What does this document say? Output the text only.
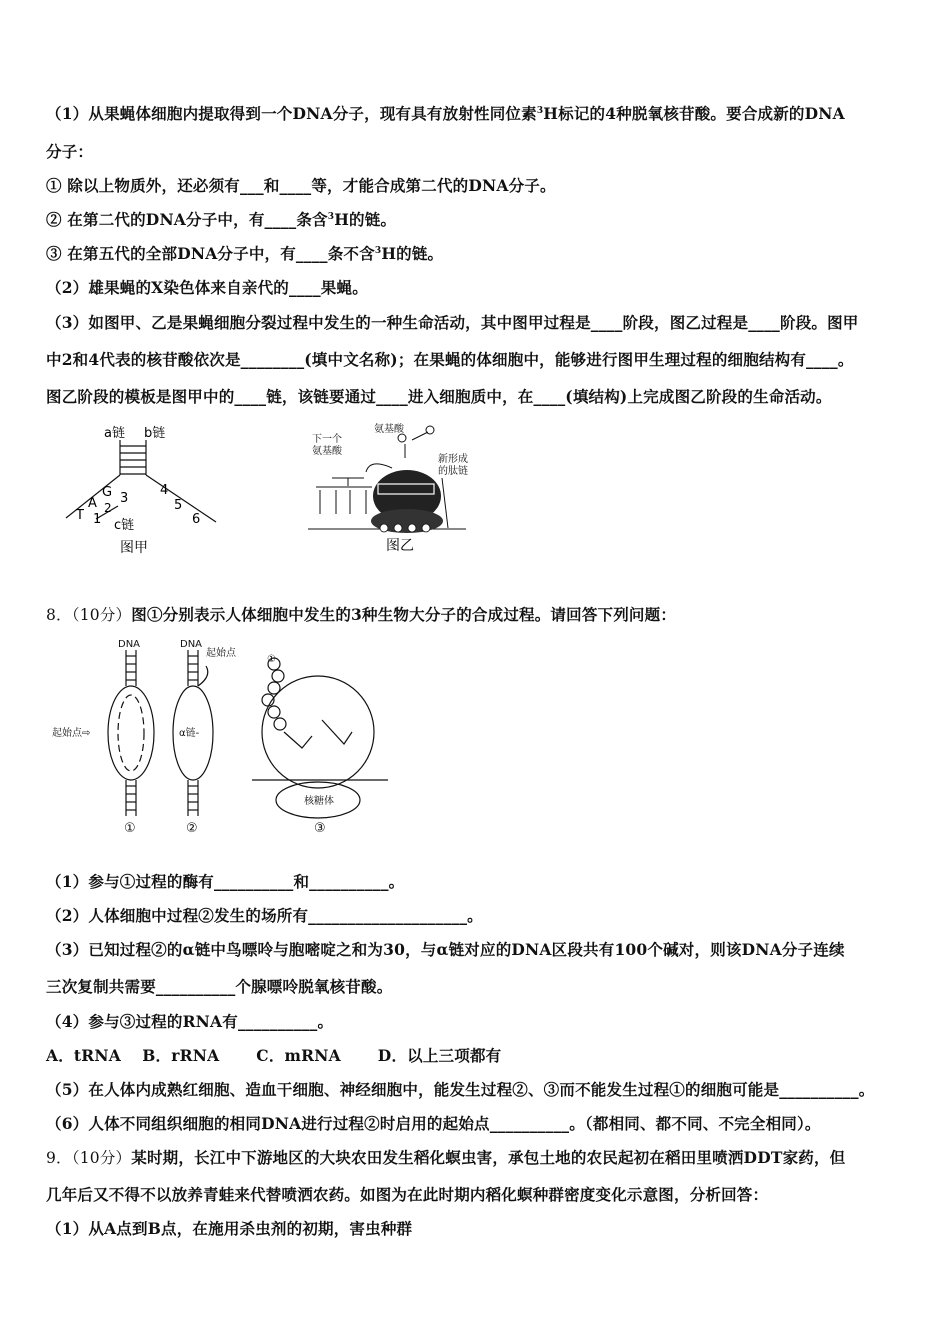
（1）从果蝇体细胞内提取得到一个DNA分子，现有具有放射性同位素$^3$H标记的4种脱氧核苷酸。要合成新的DNA
分子：
① 除以上物质外，还必须有___和____等，才能合成第二代的DNA分子。
② 在第二代的DNA分子中，有____条含$^3$H的链。
③ 在第五代的全部DNA分子中，有____条不含$^3$H的链。
（2）雄果蝇的X染色体来自亲代的____果蝇。
（3）如图甲、乙是果蝇细胞分裂过程中发生的一种生命活动，其中图甲过程是____阶段，图乙过程是____阶段。图甲
中2和4代表的核苷酸依次是________(填中文名称)；在果蝇的体细胞中，能够进行图甲生理过程的细胞结构有____。
图乙阶段的模板是图甲中的____链，该链要通过____进入细胞质中，在____(填结构)上完成图乙阶段的生命活动。
a链 b链
G
A
T
3
2
1
4
5
6
c链
图甲
下一个
氨基酸
氨基酸
新形成
的肽链
图乙
8．（10分）图①分别表示人体细胞中发生的3种生物大分子的合成过程。请回答下列问题：
DNA	DNA
起始点⇨
起始点
α链-
核糖体
①
①	②	③
（1）参与①过程的酶有__________和__________。
（2）人体细胞中过程②发生的场所有____________________。
（3）已知过程②的α链中鸟嘌呤与胞嘧啶之和为30，与α链对应的DNA区段共有100个碱对，则该DNA分子连续
三次复制共需要__________个腺嘌呤脱氧核苷酸。
（4）参与③过程的RNA有__________。
A．tRNA　 B．rRNA　　 C．mRNA　　 D．以上三项都有
（5）在人体内成熟红细胞、造血干细胞、神经细胞中，能发生过程②、③而不能发生过程①的细胞可能是__________。
（6）人体不同组织细胞的相同DNA进行过程②时启用的起始点__________。（都相同、都不同、不完全相同）。
9．（10分）某时期，长江中下游地区的大块农田发生稻化螟虫害，承包土地的农民起初在稻田里喷洒DDT家药，但
几年后又不得不以放养青蛙来代替喷洒农药。如图为在此时期内稻化螟种群密度变化示意图，分析回答：
（1）从A点到B点，在施用杀虫剂的初期，害虫种群
